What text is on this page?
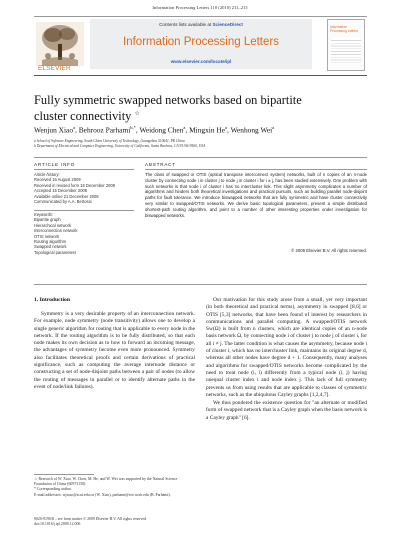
Information Processing Letters 110 (2010) 211–215
ELSEVIER
Contents lists available at ScienceDirect
Information Processing Letters
www.elsevier.com/locate/ipl
Information Processing Letters
Fully symmetric swapped networks based on bipartite cluster connectivity ☆
Wenjun Xiao$^a$, Behrooz Parhami$^{b,*}$, Weidong Chen$^a$, Mingxin He$^a$, Wenhong Wei$^a$
a School of Software Engineering, South China University of Technology, Guangzhou 510641, PR China
b Department of Electrical and Computer Engineering, University of California, Santa Barbara, CA 93106-9560, USA
ARTICLE INFO
Article history:
Received 16 August 2009
Received in revised form 15 December 2009
Accepted 15 December 2009
Available online 21 December 2009
Communicated by A.A. Bertossi
Keywords:
Bipartite graph
Hierarchical network
Interconnection network
OTIS network
Routing algorithm
Swapped network
Topological parameters
ABSTRACT
The class of swapped or OTIS (optical transpose interconnect system) networks, built of n copies of an n-node cluster by connecting node i in cluster j to node j in cluster i for i ≠ j, has been studied extensively. One problem with such networks is that node i of cluster i has no intercluster link. This slight asymmetry complicates a number of algorithms and hinders both theoretical investigations and practical pursuits, such as building parallel node-disjoint paths for fault tolerance. We introduce biswapped networks that are fully symmetric and have cluster connectivity very similar to swapped/OTIS networks. We derive basic topological parameters, present a simple distributed shortest-path routing algorithm, and point to a number of other interesting properties under investigation for biswapped networks.
© 2009 Elsevier B.V. All rights reserved.
1. Introduction

Symmetry is a very desirable property of an interconnection network. For example, node symmetry (node transitivity) allows one to develop a single generic algorithm for routing that is applicable to every node in the network. If the routing algorithm is to be fully distributed, so that each node makes its own decision as to how to forward an incoming message, the advantages of symmetry become even more pronounced. Symmetry also facilitates theoretical proofs and certain derivations of practical significance, such as computing the average internode distance or constructing a set of node-disjoint paths between a pair of nodes (to allow the routing of messages in parallel or to identify alternate paths in the event of node/link failures).

Our motivation for this study arose from a small, yet very important (in both theoretical and practical terms), asymmetry in swapped [8,6] or OTIS [5,3] networks, that have been found of interest by researchers in communications and parallel computing. A swapped/OTIS network Sw(Ω) is built from n clusters, which are identical copies of an n-node basis network Ω, by connecting node i of cluster j to node j of cluster i, for all i ≠ j. The latter condition is what causes the asymmetry, because node i of cluster i, which has no interchuster link, maintains its original degree d, whereas all other nodes have degree d + 1. Consequently, many analyses and algorithms for swapped/OTIS networks become complicated by the need to treat node (i, i) differently from a typical node (i, j) having unequal cluster index i and node index j. This lack of full symmetry prevents us from using results that are applicable to classes of symmetric networks, such as the ubiquitous Cayley graphs [1,2,4,7].

We thus pondered the existence question for "an alternate or modified form of swapped network that is a Cayley graph when the basis network is a Cayley graph" [6].

☆ Research of W. Xiao, W. Chen, M. He, and W. Wei was supported by the Natural Science Foundation of China (60973150).
* Corresponding author.
E-mail addresses: wjxiao@scut.edu.cn (W. Xiao), parhami@ece.ucsb.edu (B. Parhami).
0020-0190/$ – see front matter © 2009 Elsevier B.V. All rights reserved.
doi:10.1016/j.ipl.2009.12.006
